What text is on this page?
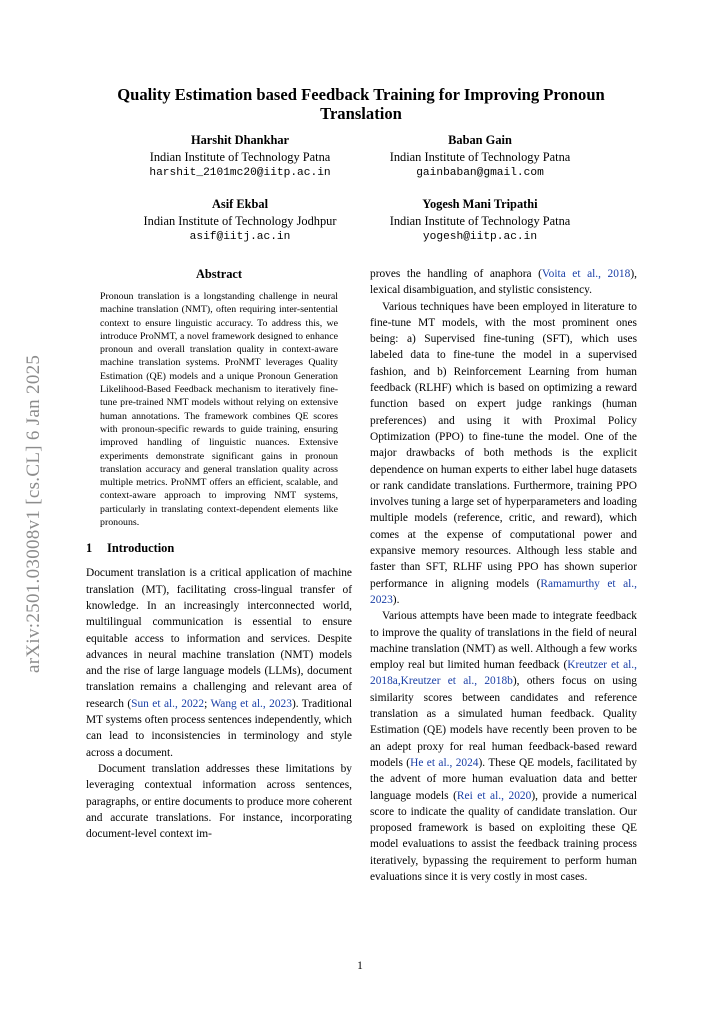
arXiv:2501.03008v1 [cs.CL] 6 Jan 2025
Quality Estimation based Feedback Training for Improving Pronoun Translation
Harshit Dhankhar
Indian Institute of Technology Patna
harshit_2101mc20@iitp.ac.in
Baban Gain
Indian Institute of Technology Patna
gainbaban@gmail.com
Asif Ekbal
Indian Institute of Technology Jodhpur
asif@iitj.ac.in
Yogesh Mani Tripathi
Indian Institute of Technology Patna
yogesh@iitp.ac.in

Abstract

Pronoun translation is a longstanding challenge in neural machine translation (NMT), often requiring inter-sentential context to ensure linguistic accuracy. To address this, we introduce ProNMT, a novel framework designed to enhance pronoun and overall translation quality in context-aware machine translation systems. ProNMT leverages Quality Estimation (QE) models and a unique Pronoun Generation Likelihood-Based Feedback mechanism to iteratively fine-tune pre-trained NMT models without relying on extensive human annotations. The framework combines QE scores with pronoun-specific rewards to guide training, ensuring improved handling of linguistic nuances. Extensive experiments demonstrate significant gains in pronoun translation accuracy and general translation quality across multiple metrics. ProNMT offers an efficient, scalable, and context-aware approach to improving NMT systems, particularly in translating context-dependent elements like pronouns.

1 Introduction

Document translation is a critical application of machine translation (MT), facilitating cross-lingual transfer of knowledge. In an increasingly interconnected world, multilingual communication is essential to ensure equitable access to information and services. Despite advances in neural machine translation (NMT) models and the rise of large language models (LLMs), document translation remains a challenging and relevant area of research (Sun et al., 2022; Wang et al., 2023). Traditional MT systems often process sentences independently, which can lead to inconsistencies in terminology and style across a document.

Document translation addresses these limitations by leveraging contextual information across sentences, paragraphs, or entire documents to produce more coherent and accurate translations. For instance, incorporating document-level context im-

proves the handling of anaphora (Voita et al., 2018), lexical disambiguation, and stylistic consistency.

Various techniques have been employed in literature to fine-tune MT models, with the most prominent ones being: a) Supervised fine-tuning (SFT), which uses labeled data to fine-tune the model in a supervised fashion, and b) Reinforcement Learning from human feedback (RLHF) which is based on optimizing a reward function based on expert judge rankings (human preferences) and using it with Proximal Policy Optimization (PPO) to fine-tune the model. One of the major drawbacks of both methods is the explicit dependence on human experts to either label huge datasets or rank candidate translations. Furthermore, training PPO involves tuning a large set of hyperparameters and loading multiple models (reference, critic, and reward), which comes at the expense of computational power and expansive memory resources. Although less stable and faster than SFT, RLHF using PPO has shown superior performance in aligning models (Ramamurthy et al., 2023).

Various attempts have been made to integrate feedback to improve the quality of translations in the field of neural machine translation (NMT) as well. Although a few works employ real but limited human feedback (Kreutzer et al., 2018a,Kreutzer et al., 2018b), others focus on using similarity scores between candidates and reference translation as a simulated human feedback. Quality Estimation (QE) models have recently been proven to be an adept proxy for real human feedback-based reward models (He et al., 2024). These QE models, facilitated by the advent of more human evaluation data and better language models (Rei et al., 2020), provide a numerical score to indicate the quality of candidate translation. Our proposed framework is based on exploiting these QE model evaluations to assist the feedback training process iteratively, bypassing the requirement to perform human evaluations since it is very costly in most cases.

1
